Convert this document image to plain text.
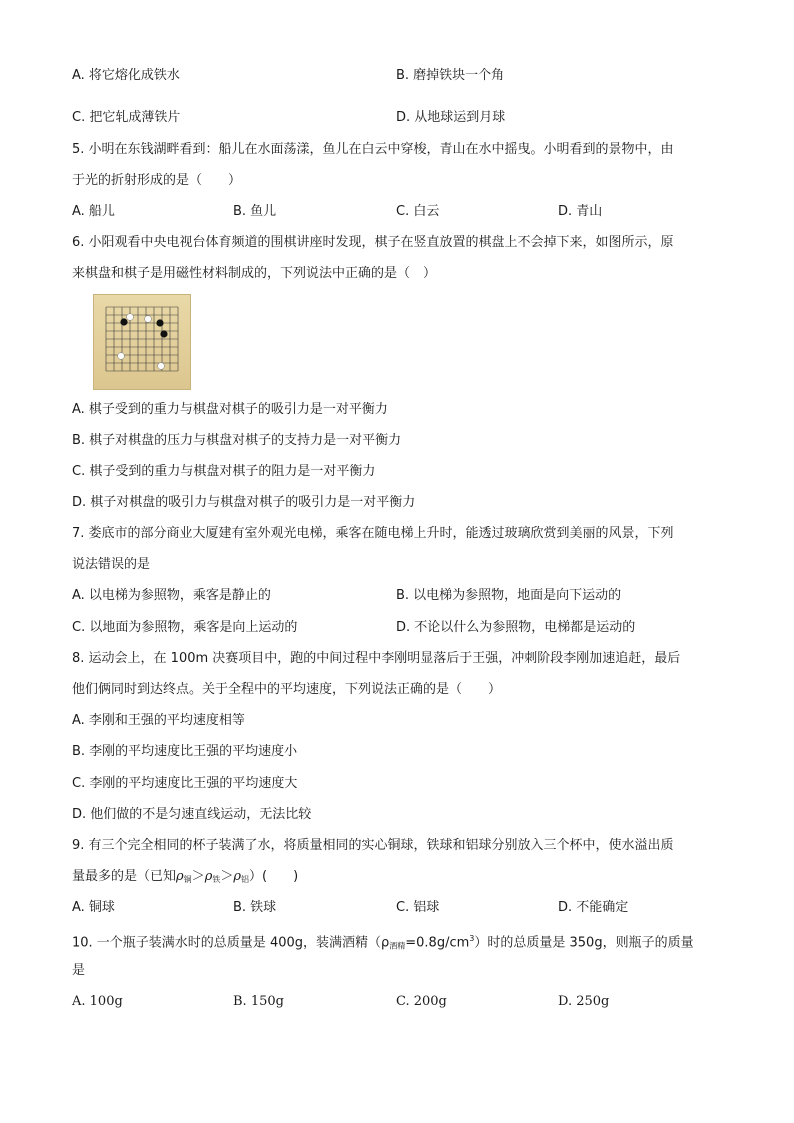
A. 将它熔化成铁水	B. 磨掉铁块一个角
C. 把它轧成薄铁片	D. 从地球运到月球
5. 小明在东钱湖畔看到：船儿在水面荡漾，鱼儿在白云中穿梭，青山在水中摇曳。小明看到的景物中，由
于光的折射形成的是（　　）
A. 船儿	B. 鱼儿	C. 白云	D. 青山
6. 小阳观看中央电视台体育频道的围棋讲座时发现，棋子在竖直放置的棋盘上不会掉下来，如图所示，原
来棋盘和棋子是用磁性材料制成的，下列说法中正确的是（　）
A. 棋子受到的重力与棋盘对棋子的吸引力是一对平衡力
B. 棋子对棋盘的压力与棋盘对棋子的支持力是一对平衡力
C. 棋子受到的重力与棋盘对棋子的阻力是一对平衡力
D. 棋子对棋盘的吸引力与棋盘对棋子的吸引力是一对平衡力
7. 娄底市的部分商业大厦建有室外观光电梯，乘客在随电梯上升时，能透过玻璃欣赏到美丽的风景，下列
说法错误的是
A. 以电梯为参照物，乘客是静止的	B. 以电梯为参照物，地面是向下运动的
C. 以地面为参照物，乘客是向上运动的	D. 不论以什么为参照物，电梯都是运动的
8. 运动会上，在 100m 决赛项目中，跑的中间过程中李刚明显落后于王强，冲刺阶段李刚加速追赶，最后
他们俩同时到达终点。关于全程中的平均速度，下列说法正确的是（　　）
A. 李刚和王强的平均速度相等
B. 李刚的平均速度比王强的平均速度小
C. 李刚的平均速度比王强的平均速度大
D. 他们做的不是匀速直线运动，无法比较
9. 有三个完全相同的杯子装满了水，将质量相同的实心铜球，铁球和铝球分别放入三个杯中，使水溢出质
量最多的是（已知$\rho_铜>\rho_铁>\rho_铝$）(　　)
A. 铜球	B. 铁球	C. 铝球	D. 不能确定
10. 一个瓶子装满水时的总质量是 400g，装满酒精$(\rho_{酒精}=0.8g/cm^3)$时的总质量是 350g，则瓶子的质量
是
A. 100g	B. 150g	C. 200g	D. 250g
